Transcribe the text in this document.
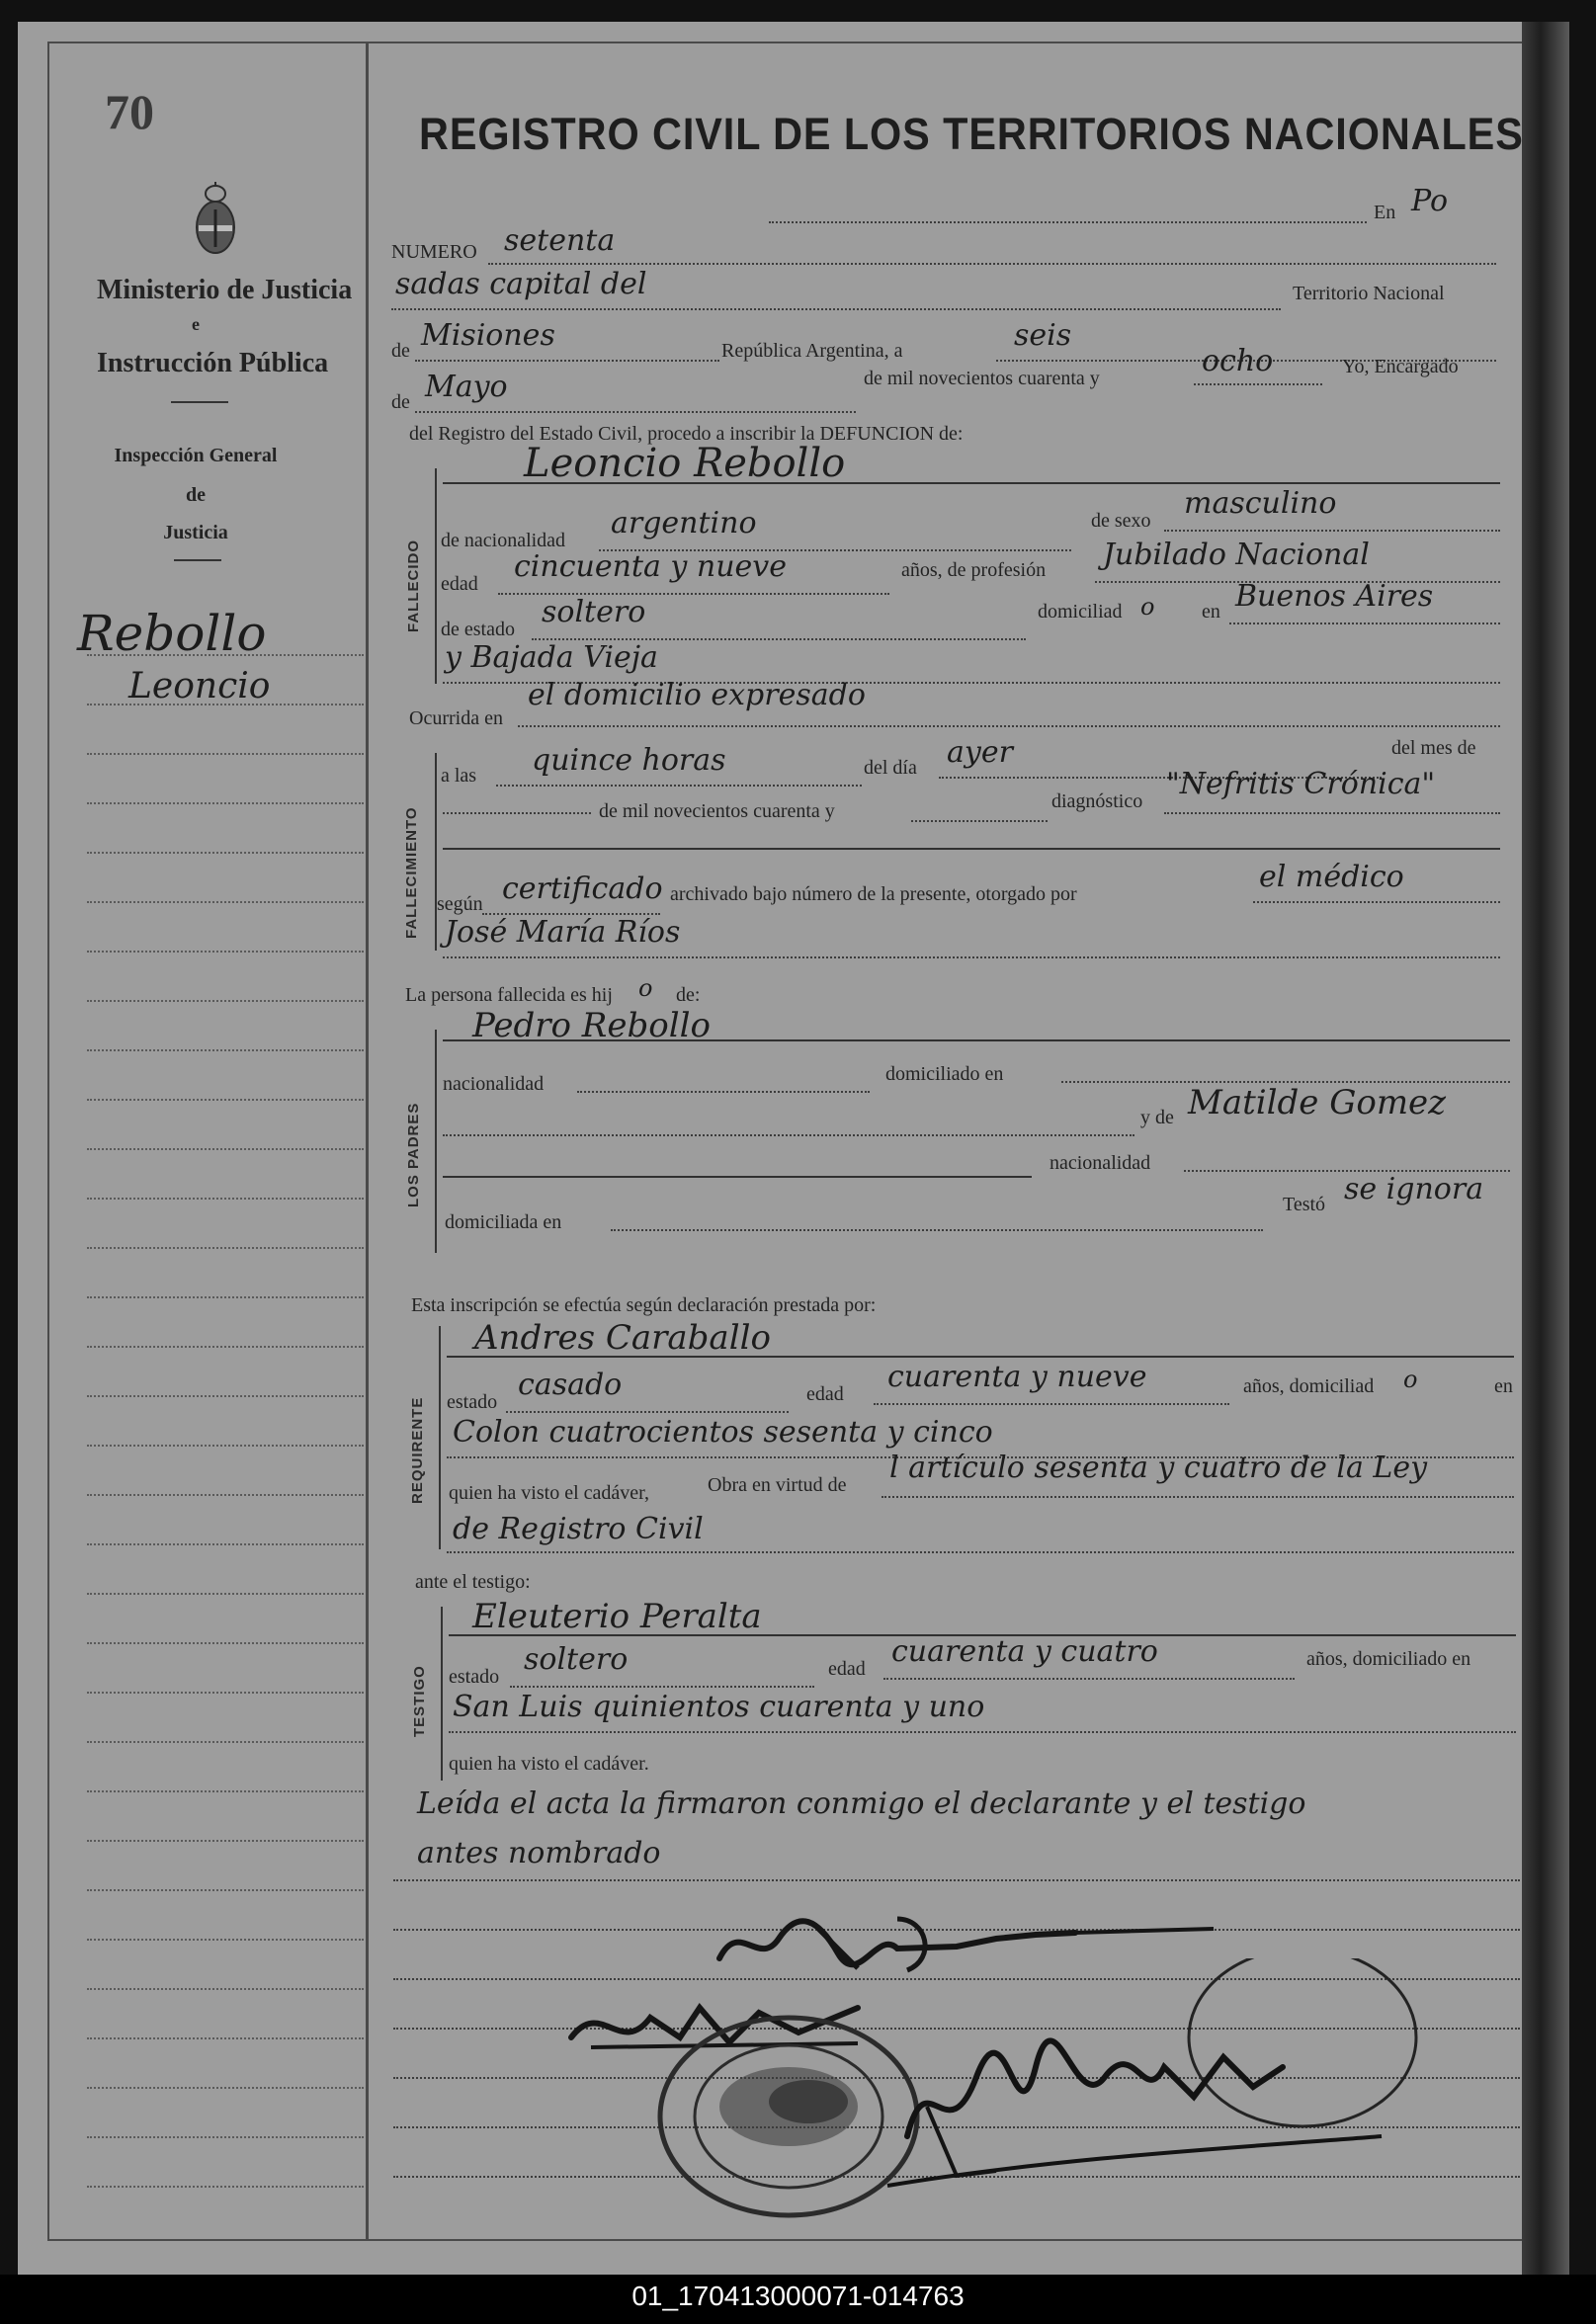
70
Ministerio de Justicia
e
Instrucción Pública
Inspección General
de
Justicia
Rebollo
Leoncio
REGISTRO CIVIL DE LOS TERRITORIOS NACIONALES
En Po
NUMERO setenta
sadas capital del	Territorio Nacional
de Misiones	República Argentina, a	seis
de Mayo	de mil novecientos cuarenta y	ocho	Yo, Encargado
del Registro del Estado Civil, procedo a inscribir la DEFUNCION de:
FALLECIDO
Leoncio Rebollo
de nacionalidad argentino	de sexo masculino
edad cincuenta y nueve	años, de profesión Jubilado Nacional
de estado soltero	domiciliad o en Buenos Aires
y Bajada Vieja
Ocurrida en
el domicilio expresado
FALLECIMIENTO
a las quince horas	del día ayer	del mes de
de mil novecientos cuarenta y	diagnóstico "Nefritis Crónica"
según certificado archivado bajo número de la presente, otorgado por	el médico
José María Ríos
La persona fallecida es hij o de:
LOS PADRES
Pedro Rebollo
nacionalidad	domiciliado en
y de Matilde Gomez
nacionalidad
domiciliada en
Testó se ignora
Esta inscripción se efectúa según declaración prestada por:
REQUIRENTE
Andres Caraballo
estado casado	edad cuarenta y nueve	años, domiciliad o	en
Colon cuatrocientos sesenta y cinco
quien ha visto el cadáver,	Obra en virtud de l artículo sesenta y cuatro de la Ley
de Registro Civil
ante el testigo:
TESTIGO
Eleuterio Peralta
estado soltero	edad cuarenta y cuatro	años, domiciliado en
San Luis quinientos cuarenta y uno
quien ha visto el cadáver.
Leída el acta la firmaron conmigo el declarante y el testigo
antes nombrado
01_170413000071-014763
